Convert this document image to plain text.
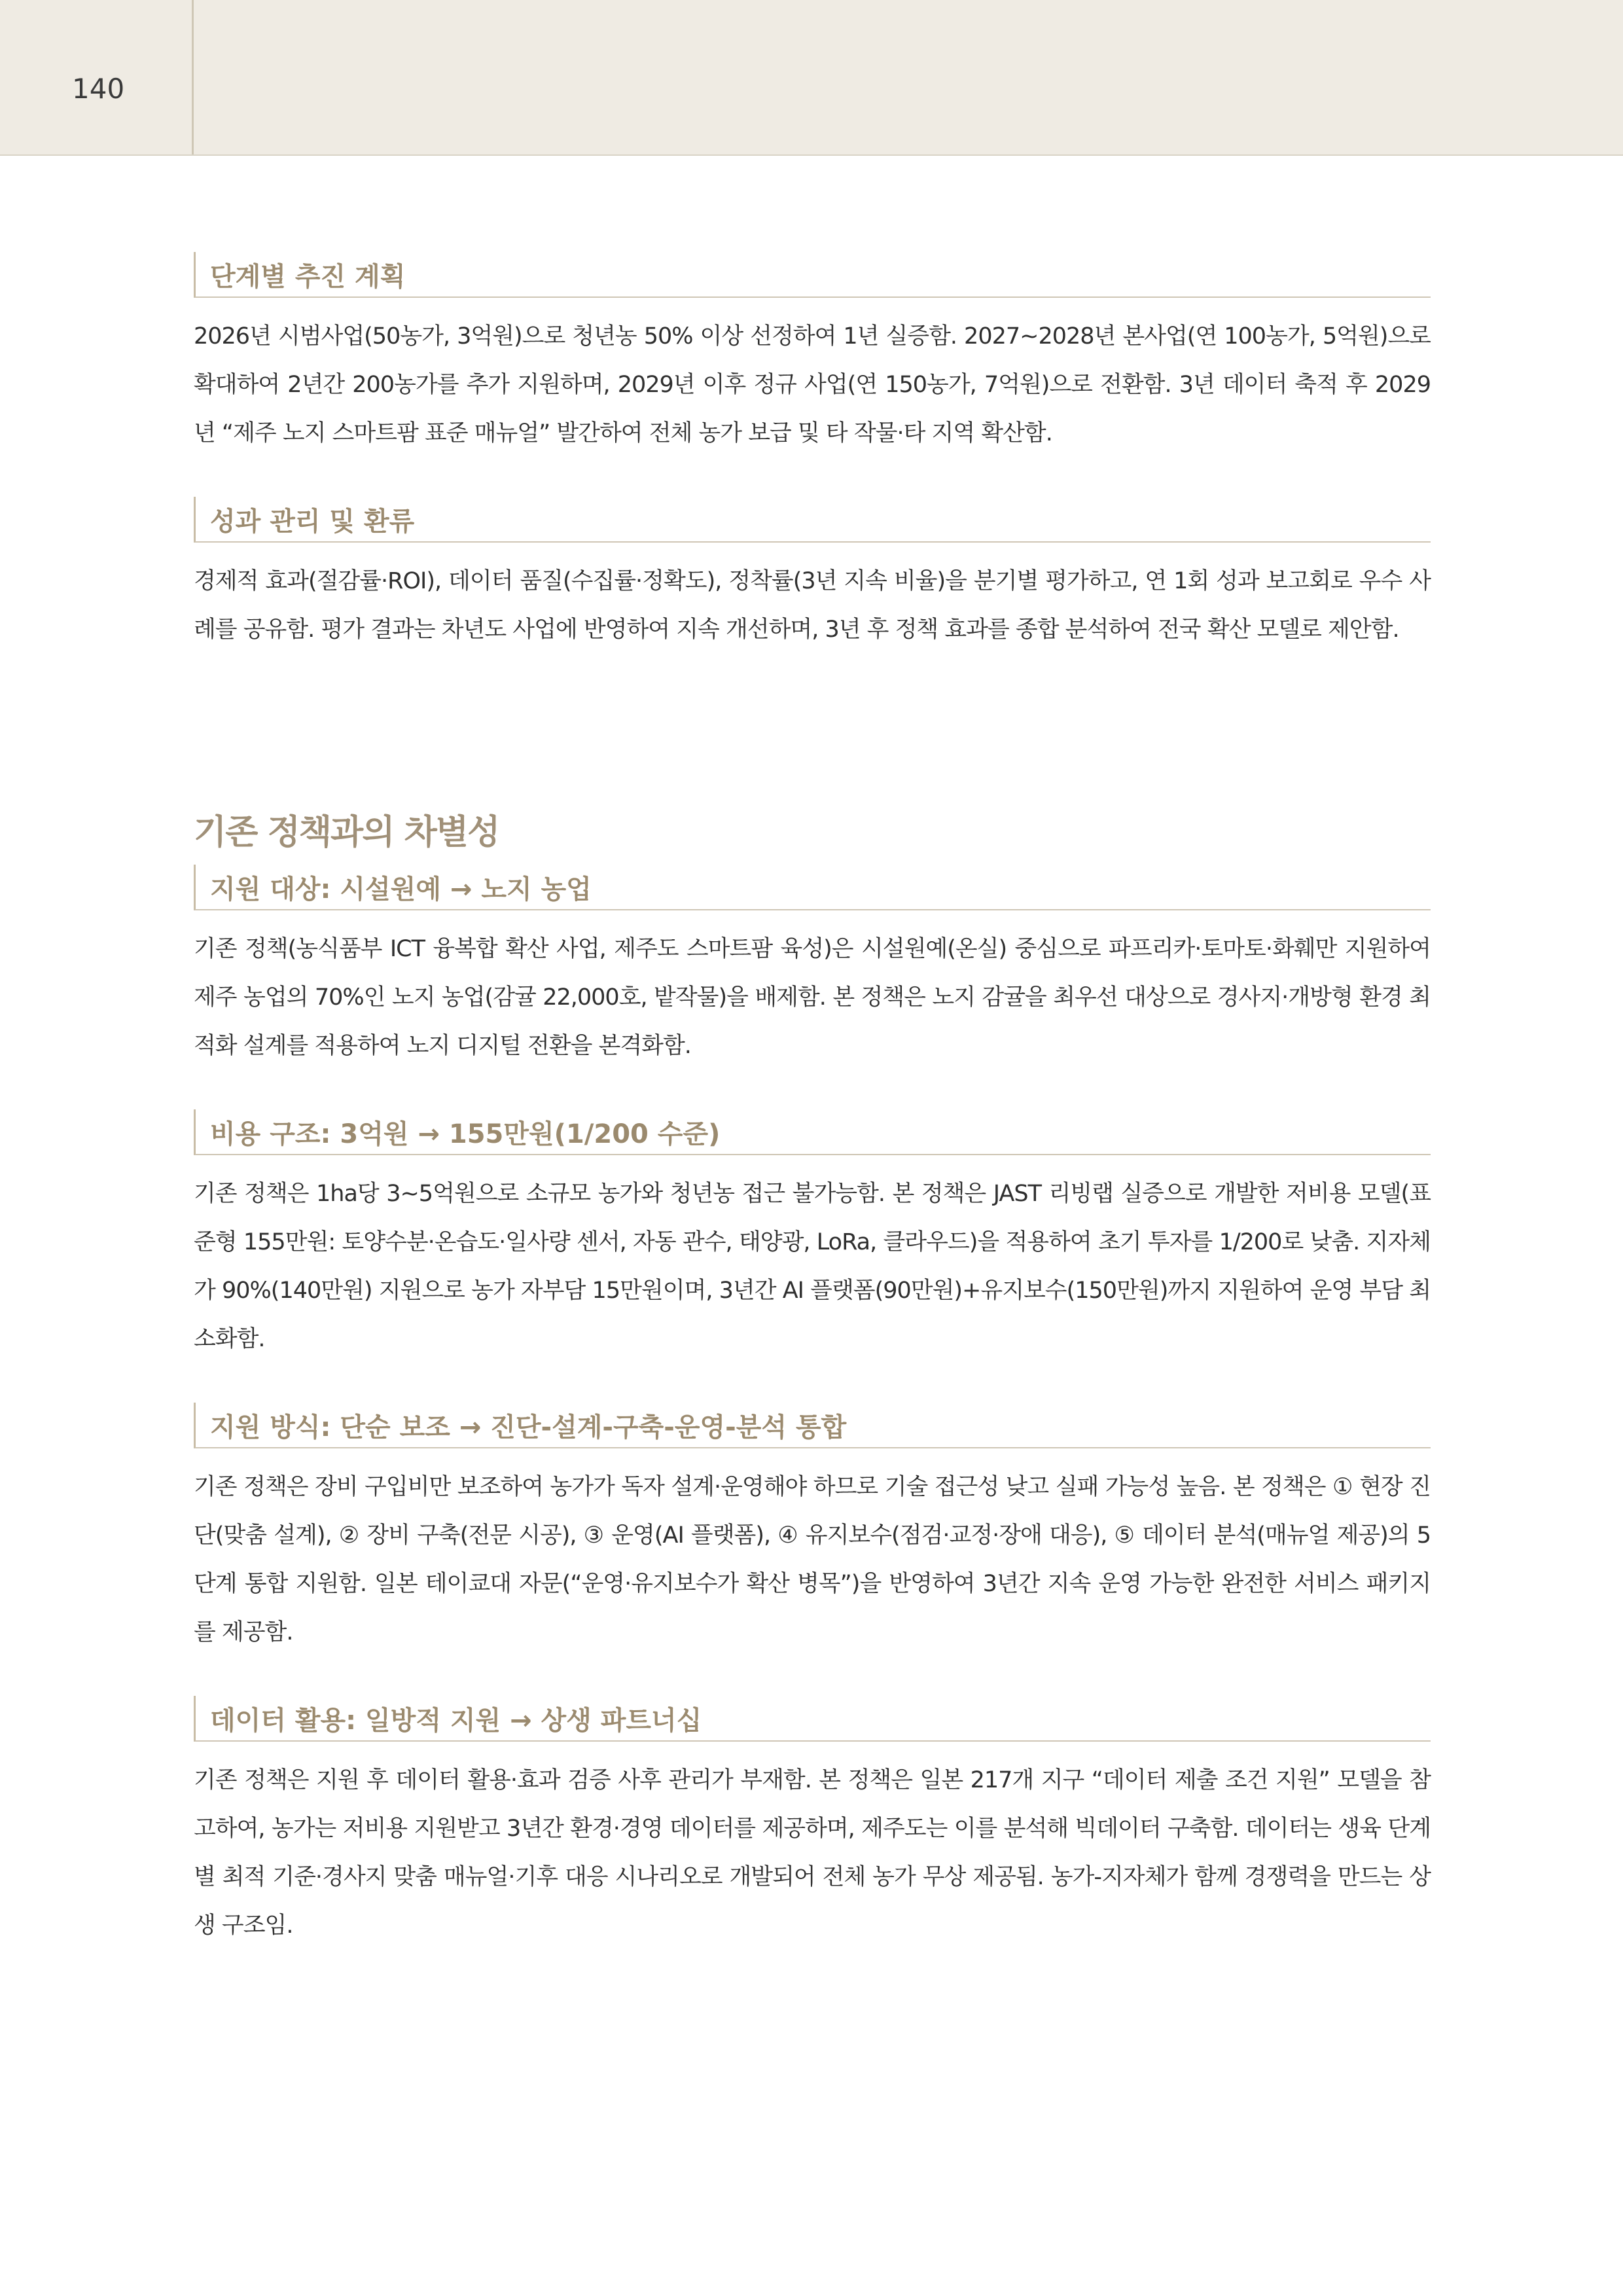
140
단계별 추진 계획

2026년 시범사업(50농가, 3억원)으로 청년농 50% 이상 선정하여 1년 실증함. 2027~2028년 본사업(연 100농가, 5억원)으로 확대하여 2년간 200농가를 추가 지원하며, 2029년 이후 정규 사업(연 150농가, 7억원)으로 전환함. 3년 데이터 축적 후 2029년 “제주 노지 스마트팜 표준 매뉴얼” 발간하여 전체 농가 보급 및 타 작물·타 지역 확산함.

성과 관리 및 환류

경제적 효과(절감률·ROI), 데이터 품질(수집률·정확도), 정착률(3년 지속 비율)을 분기별 평가하고, 연 1회 성과 보고회로 우수 사례를 공유함. 평가 결과는 차년도 사업에 반영하여 지속 개선하며, 3년 후 정책 효과를 종합 분석하여 전국 확산 모델로 제안함.

기존 정책과의 차별성
지원 대상: 시설원예 → 노지 농업

기존 정책(농식품부 ICT 융복합 확산 사업, 제주도 스마트팜 육성)은 시설원예(온실) 중심으로 파프리카·토마토·화훼만 지원하여 제주 농업의 70%인 노지 농업(감귤 22,000호, 밭작물)을 배제함. 본 정책은 노지 감귤을 최우선 대상으로 경사지·개방형 환경 최적화 설계를 적용하여 노지 디지털 전환을 본격화함.

비용 구조: 3억원 → 155만원(1/200 수준)

기존 정책은 1ha당 3~5억원으로 소규모 농가와 청년농 접근 불가능함. 본 정책은 JAST 리빙랩 실증으로 개발한 저비용 모델(표준형 155만원: 토양수분·온습도·일사량 센서, 자동 관수, 태양광, LoRa, 클라우드)을 적용하여 초기 투자를 1/200로 낮춤. 지자체가 90%(140만원) 지원으로 농가 자부담 15만원이며, 3년간 AI 플랫폼(90만원)+유지보수(150만원)까지 지원하여 운영 부담 최소화함.

지원 방식: 단순 보조 → 진단-설계-구축-운영-분석 통합

기존 정책은 장비 구입비만 보조하여 농가가 독자 설계·운영해야 하므로 기술 접근성 낮고 실패 가능성 높음. 본 정책은 ① 현장 진단(맞춤 설계), ② 장비 구축(전문 시공), ③ 운영(AI 플랫폼), ④ 유지보수(점검·교정·장애 대응), ⑤ 데이터 분석(매뉴얼 제공)의 5단계 통합 지원함. 일본 테이쿄대 자문(“운영·유지보수가 확산 병목”)을 반영하여 3년간 지속 운영 가능한 완전한 서비스 패키지를 제공함.

데이터 활용: 일방적 지원 → 상생 파트너십

기존 정책은 지원 후 데이터 활용·효과 검증 사후 관리가 부재함. 본 정책은 일본 217개 지구 “데이터 제출 조건 지원” 모델을 참고하여, 농가는 저비용 지원받고 3년간 환경·경영 데이터를 제공하며, 제주도는 이를 분석해 빅데이터 구축함. 데이터는 생육 단계별 최적 기준·경사지 맞춤 매뉴얼·기후 대응 시나리오로 개발되어 전체 농가 무상 제공됨. 농가-지자체가 함께 경쟁력을 만드는 상생 구조임.
